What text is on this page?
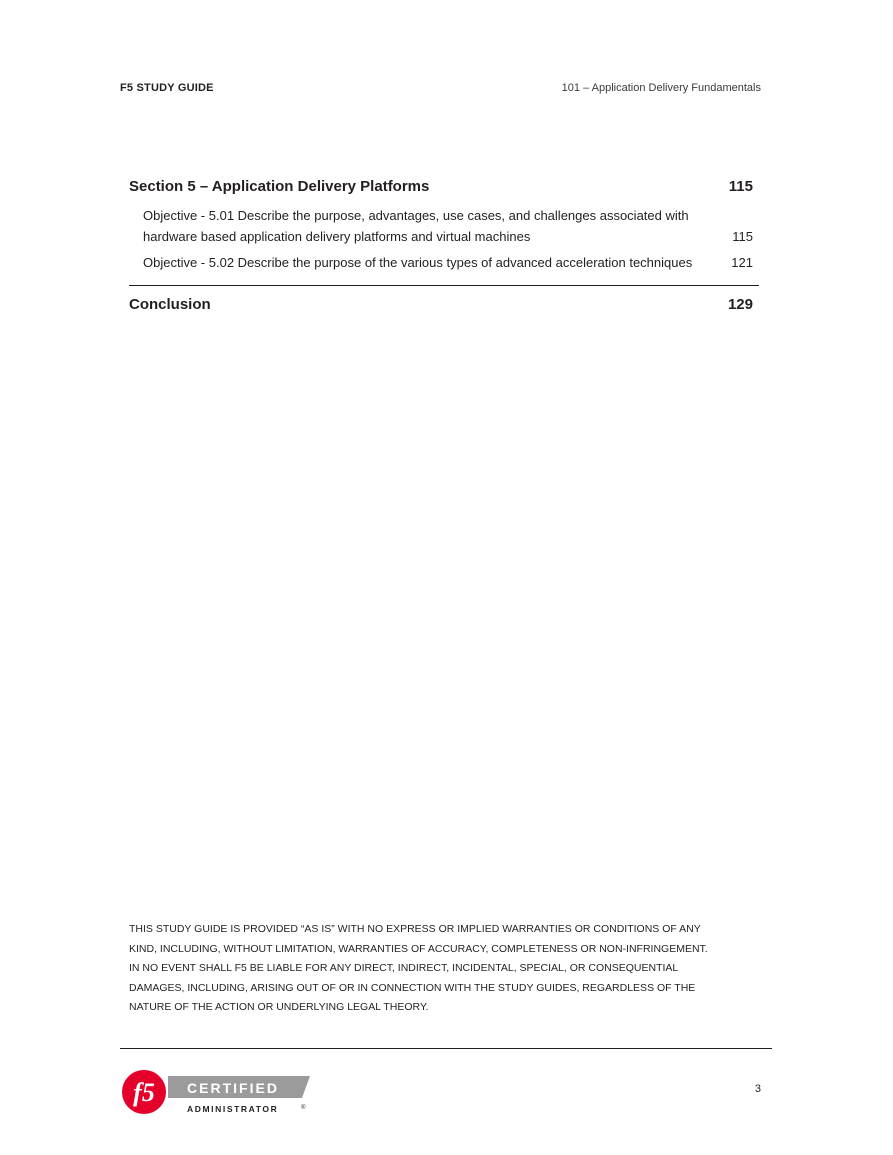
F5 STUDY GUIDE	101 – Application Delivery Fundamentals
Section 5 – Application Delivery Platforms	115
Objective - 5.01 Describe the purpose, advantages, use cases, and challenges associated with hardware based application delivery platforms and virtual machines	115
Objective - 5.02 Describe the purpose of the various types of advanced acceleration techniques	121
Conclusion	129
THIS STUDY GUIDE IS PROVIDED “AS IS” WITH NO EXPRESS OR IMPLIED WARRANTIES OR CONDITIONS OF ANY
KIND, INCLUDING, WITHOUT LIMITATION, WARRANTIES OF ACCURACY, COMPLETENESS OR NON-INFRINGEMENT.
IN NO EVENT SHALL F5 BE LIABLE FOR ANY DIRECT, INDIRECT, INCIDENTAL, SPECIAL, OR CONSEQUENTIAL
DAMAGES, INCLUDING, ARISING OUT OF OR IN CONNECTION WITH THE STUDY GUIDES, REGARDLESS OF THE
NATURE OF THE ACTION OR UNDERLYING LEGAL THEORY.
f5 CERTIFIED
ADMINISTRATOR	®
3
